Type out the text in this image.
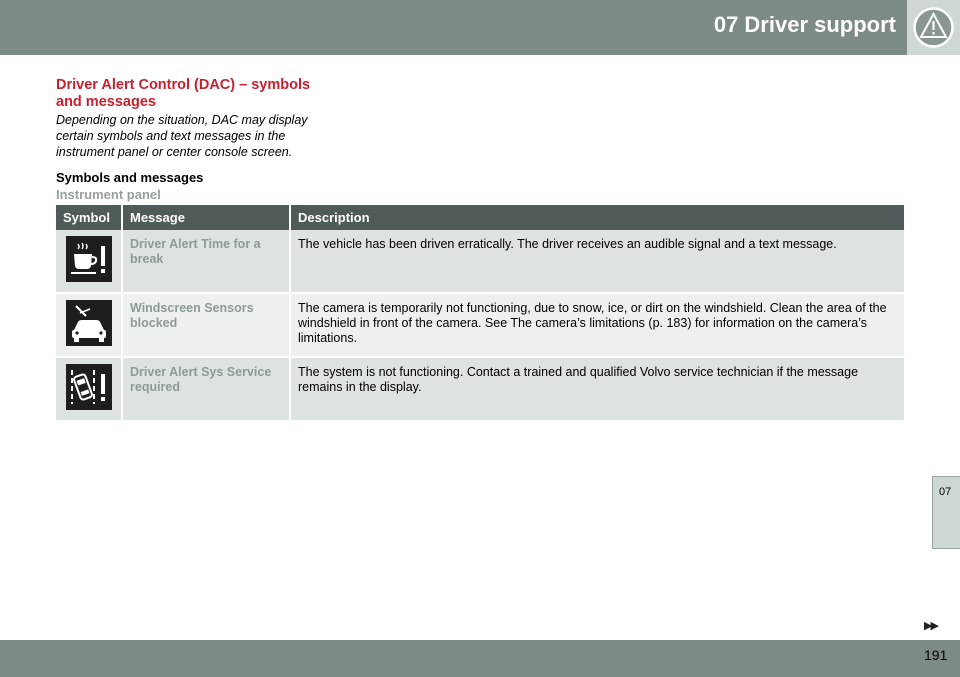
07 Driver support
Driver Alert Control (DAC) – symbols and messages
Depending on the situation, DAC may display certain symbols and text messages in the instrument panel or center console screen.
Symbols and messages
Instrument panel
Symbol	Message	Description
	Driver Alert Time for a break	The vehicle has been driven erratically. The driver receives an audible signal and a text message.
	Windscreen Sensors blocked	The camera is temporarily not functioning, due to snow, ice, or dirt on the windshield. Clean the area of the windshield in front of the camera. See The camera’s limitations (p. 183) for information on the camera’s limitations.
	Driver Alert Sys Service required	The system is not functioning. Contact a trained and qualified Volvo service technician if the message remains in the display.
07
▶▶
191
